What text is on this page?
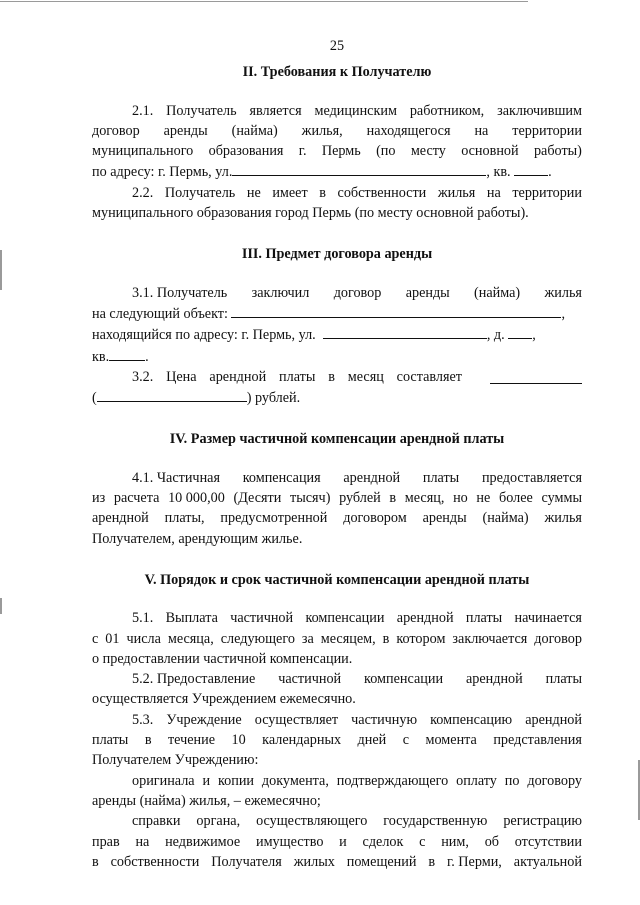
25
II. Требования к Получателю
2.1. Получатель является медицинским работником, заключившим
договор аренды (найма) жилья, находящегося на территории
муниципального образования г. Пермь (по месту основной работы)
по адресу: г. Пермь, ул.	, кв.	.
2.2. Получатель не имеет в собственности жилья на территории
муниципального образования город Пермь (по месту основной работы).
III. Предмет договора аренды
3.1. Получатель заключил договор аренды (найма) жилья
на следующий объект:	,
находящийся по адресу: г. Пермь, ул.	, д. ,
кв.	.
3.2. Цена арендной платы в месяц составляет
(	) рублей.
IV. Размер частичной компенсации арендной платы
4.1. Частичная компенсация арендной платы предоставляется
из расчета 10 000,00 (Десяти тысяч) рублей в месяц, но не более суммы
арендной платы, предусмотренной договором аренды (найма) жилья
Получателем, арендующим жилье.
V. Порядок и срок частичной компенсации арендной платы
5.1. Выплата частичной компенсации арендной платы начинается
с 01 числа месяца, следующего за месяцем, в котором заключается договор
о предоставлении частичной компенсации.
5.2. Предоставление частичной компенсации арендной платы
осуществляется Учреждением ежемесячно.
5.3. Учреждение осуществляет частичную компенсацию арендной
платы в течение 10 календарных дней с момента представления
Получателем Учреждению:
оригинала и копии документа, подтверждающего оплату по договору
аренды (найма) жилья, – ежемесячно;
справки органа, осуществляющего государственную регистрацию
прав на недвижимое имущество и сделок с ним, об отсутствии
в собственности Получателя жилых помещений в г. Перми, актуальной
